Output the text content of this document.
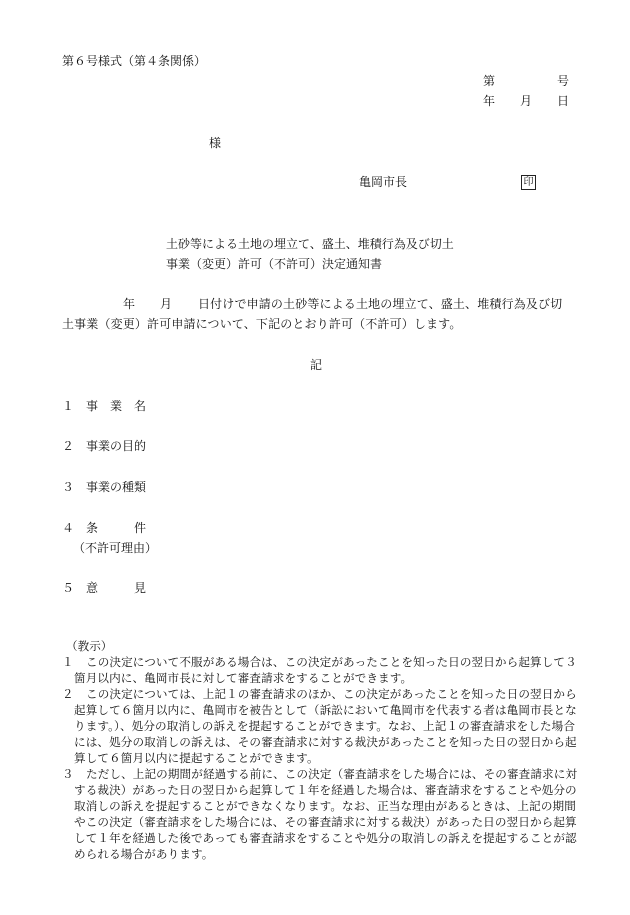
第６号様式（第４条関係）
第	号
年 月 日
様
亀岡市長	印
土砂等による土地の埋立て、盛土、堆積行為及び切土
事業（変更）許可（不許可）決定通知書
年 月 日付けで申請の土砂等による土地の埋立て、盛土、堆積行為及び切
土事業（変更）許可申請について、下記のとおり許可（不許可）します。
記
１ 事　業　名
２ 事業の目的
３ 事業の種類
４ 条　　　件
（不許可理由）
５ 意　　　見
（教示）
１	この決定について不服がある場合は、この決定があったことを知った日の翌日から起算して３箇月以内に、亀岡市長に対して審査請求をすることができます。
２	この決定については、上記１の審査請求のほか、この決定があったことを知った日の翌日から起算して６箇月以内に、亀岡市を被告として（訴訟において亀岡市を代表する者は亀岡市長となります。）、処分の取消しの訴えを提起することができます。なお、上記１の審査請求をした場合には、処分の取消しの訴えは、その審査請求に対する裁決があったことを知った日の翌日から起算して６箇月以内に提起することができます。
３	ただし、上記の期間が経過する前に、この決定（審査請求をした場合には、その審査請求に対する裁決）があった日の翌日から起算して１年を経過した場合は、審査請求をすることや処分の取消しの訴えを提起することができなくなります。なお、正当な理由があるときは、上記の期間やこの決定（審査請求をした場合には、その審査請求に対する裁決）があった日の翌日から起算して１年を経過した後であっても審査請求をすることや処分の取消しの訴えを提起することが認められる場合があります。
